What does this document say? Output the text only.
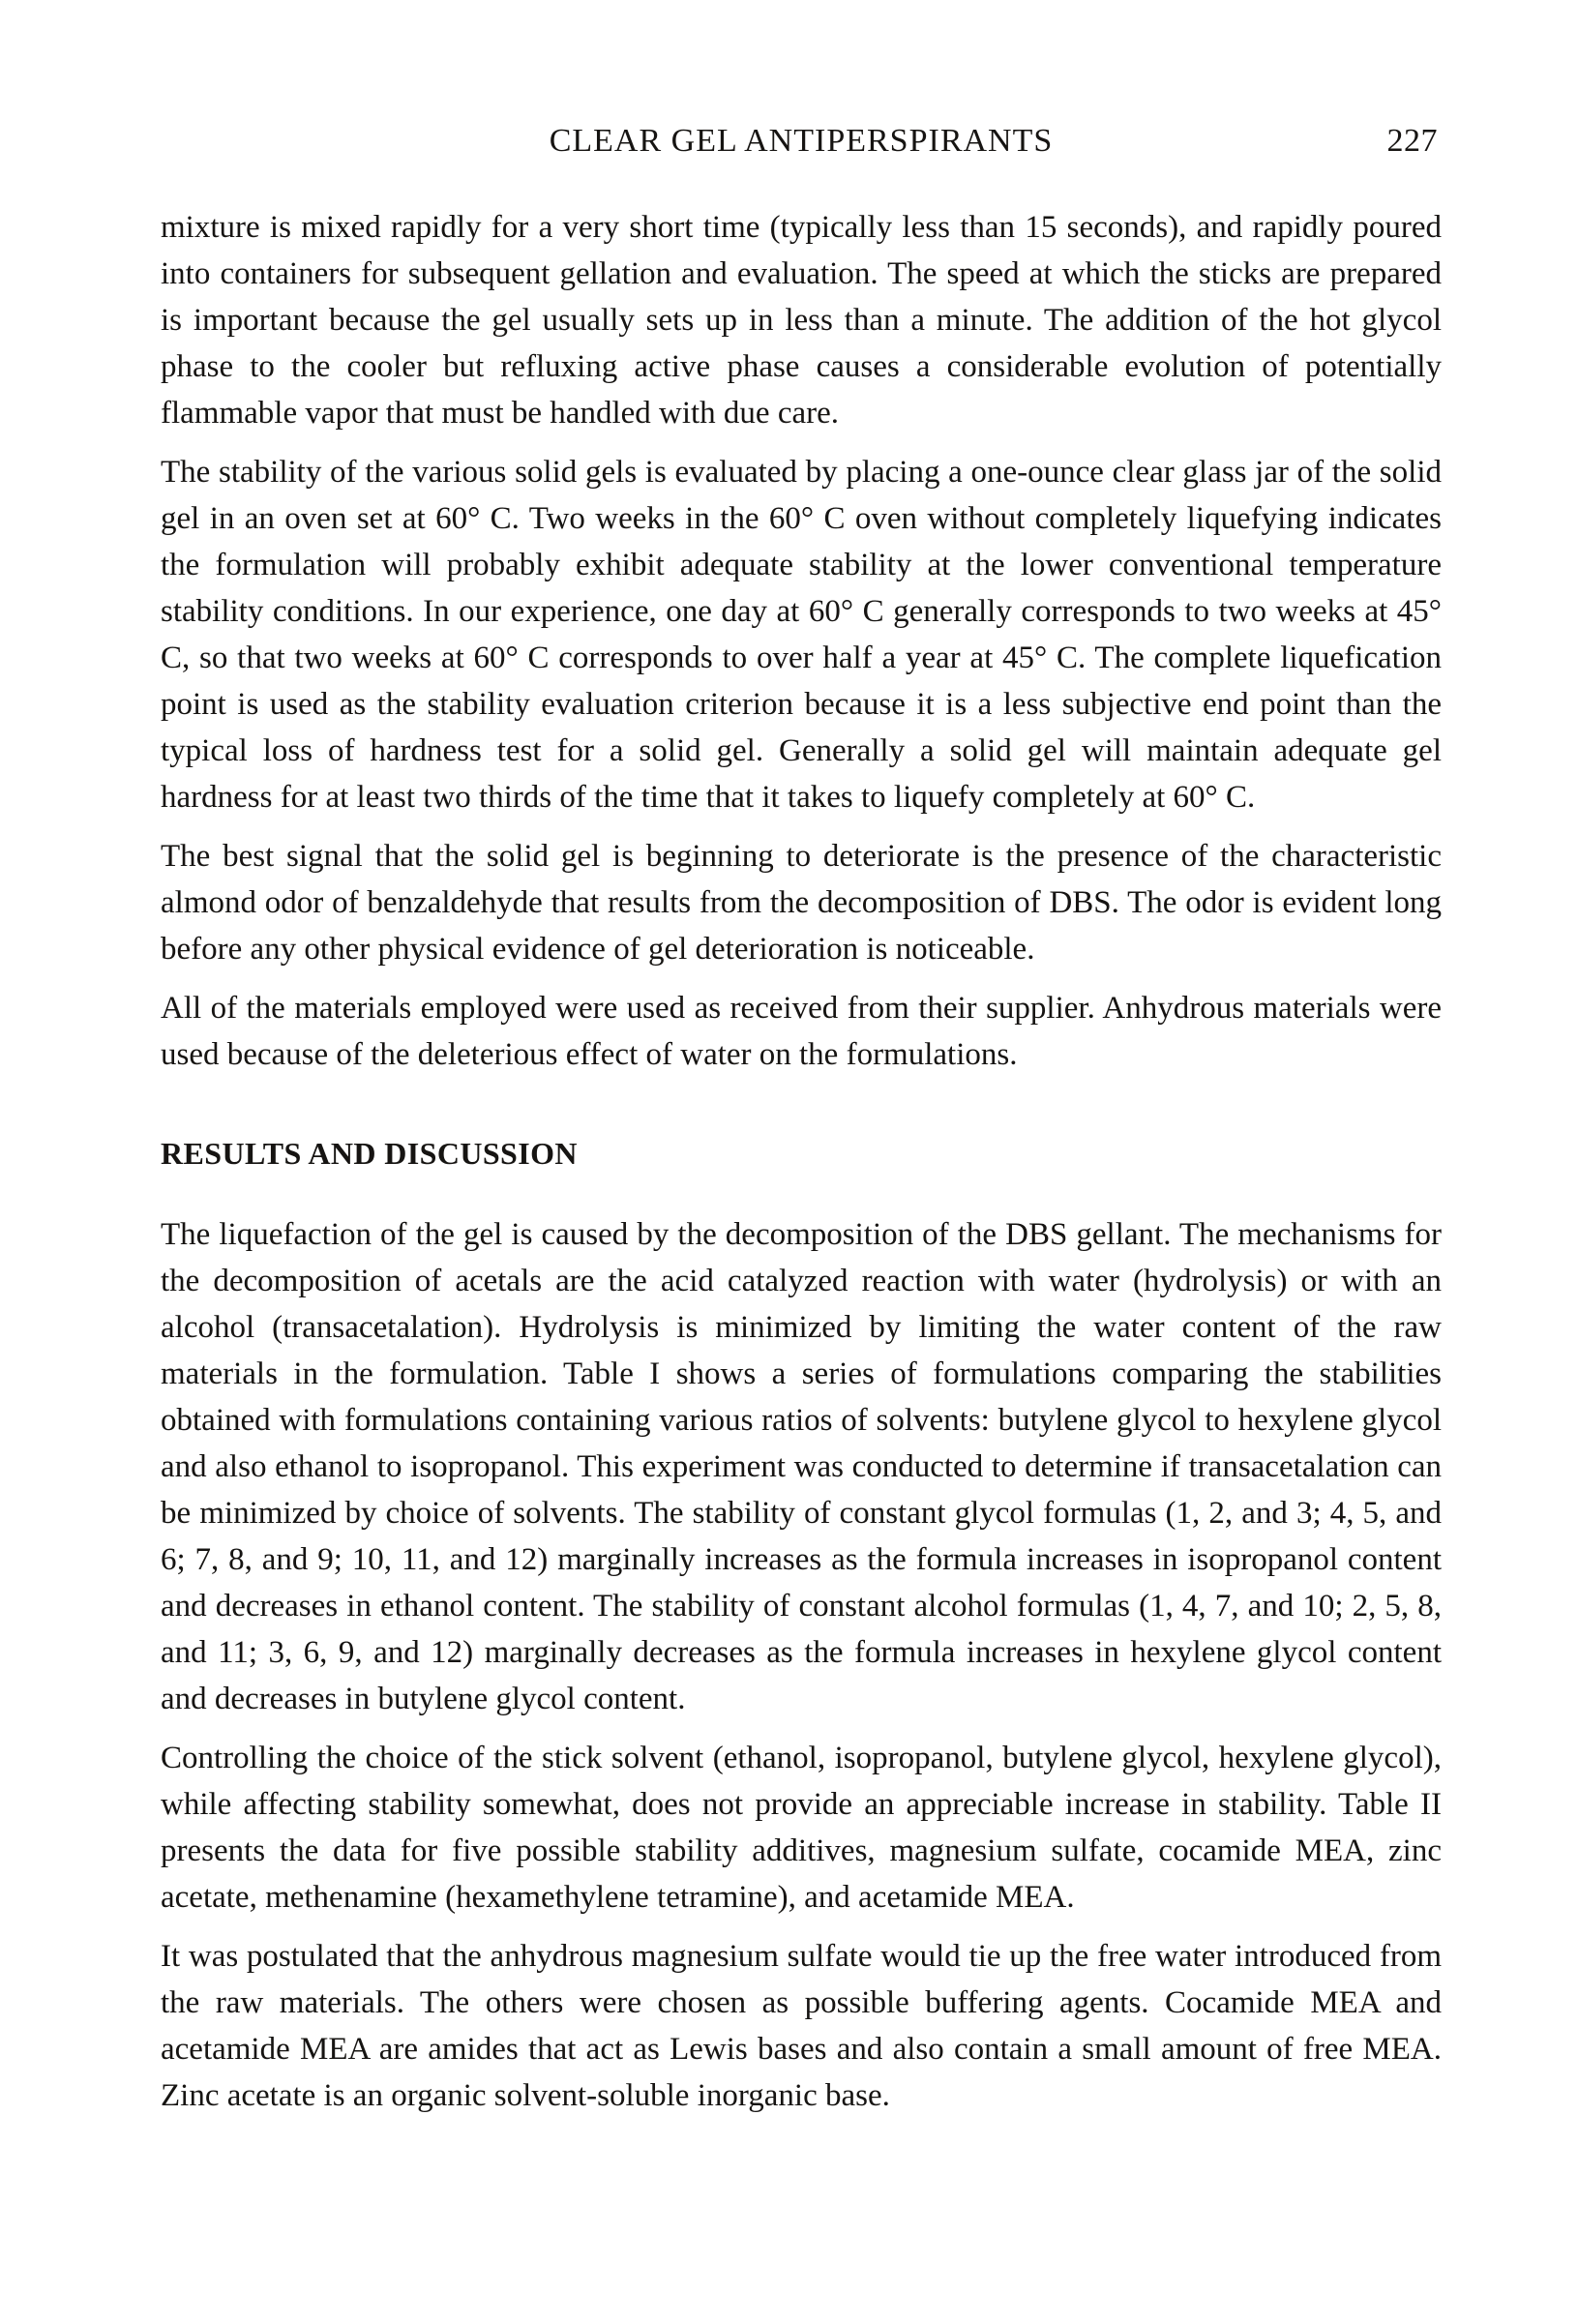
CLEAR GEL ANTIPERSPIRANTS	227

mixture is mixed rapidly for a very short time (typically less than 15 seconds), and rapidly poured into containers for subsequent gellation and evaluation. The speed at which the sticks are prepared is important because the gel usually sets up in less than a minute. The addition of the hot glycol phase to the cooler but refluxing active phase causes a considerable evolution of potentially flammable vapor that must be handled with due care.

The stability of the various solid gels is evaluated by placing a one-ounce clear glass jar of the solid gel in an oven set at 60° C. Two weeks in the 60° C oven without completely liquefying indicates the formulation will probably exhibit adequate stability at the lower conventional temperature stability conditions. In our experience, one day at 60° C generally corresponds to two weeks at 45° C, so that two weeks at 60° C corresponds to over half a year at 45° C. The complete liquefication point is used as the stability evaluation criterion because it is a less subjective end point than the typical loss of hardness test for a solid gel. Generally a solid gel will maintain adequate gel hardness for at least two thirds of the time that it takes to liquefy completely at 60° C.

The best signal that the solid gel is beginning to deteriorate is the presence of the characteristic almond odor of benzaldehyde that results from the decomposition of DBS. The odor is evident long before any other physical evidence of gel deterioration is noticeable.

All of the materials employed were used as received from their supplier. Anhydrous materials were used because of the deleterious effect of water on the formulations.

RESULTS AND DISCUSSION

The liquefaction of the gel is caused by the decomposition of the DBS gellant. The mechanisms for the decomposition of acetals are the acid catalyzed reaction with water (hydrolysis) or with an alcohol (transacetalation). Hydrolysis is minimized by limiting the water content of the raw materials in the formulation. Table I shows a series of formulations comparing the stabilities obtained with formulations containing various ratios of solvents: butylene glycol to hexylene glycol and also ethanol to isopropanol. This experiment was conducted to determine if transacetalation can be minimized by choice of solvents. The stability of constant glycol formulas (1, 2, and 3; 4, 5, and 6; 7, 8, and 9; 10, 11, and 12) marginally increases as the formula increases in isopropanol content and decreases in ethanol content. The stability of constant alcohol formulas (1, 4, 7, and 10; 2, 5, 8, and 11; 3, 6, 9, and 12) marginally decreases as the formula increases in hexylene glycol content and decreases in butylene glycol content.

Controlling the choice of the stick solvent (ethanol, isopropanol, butylene glycol, hexylene glycol), while affecting stability somewhat, does not provide an appreciable increase in stability. Table II presents the data for five possible stability additives, magnesium sulfate, cocamide MEA, zinc acetate, methenamine (hexamethylene tetramine), and acetamide MEA.

It was postulated that the anhydrous magnesium sulfate would tie up the free water introduced from the raw materials. The others were chosen as possible buffering agents. Cocamide MEA and acetamide MEA are amides that act as Lewis bases and also contain a small amount of free MEA. Zinc acetate is an organic solvent-soluble inorganic base.
